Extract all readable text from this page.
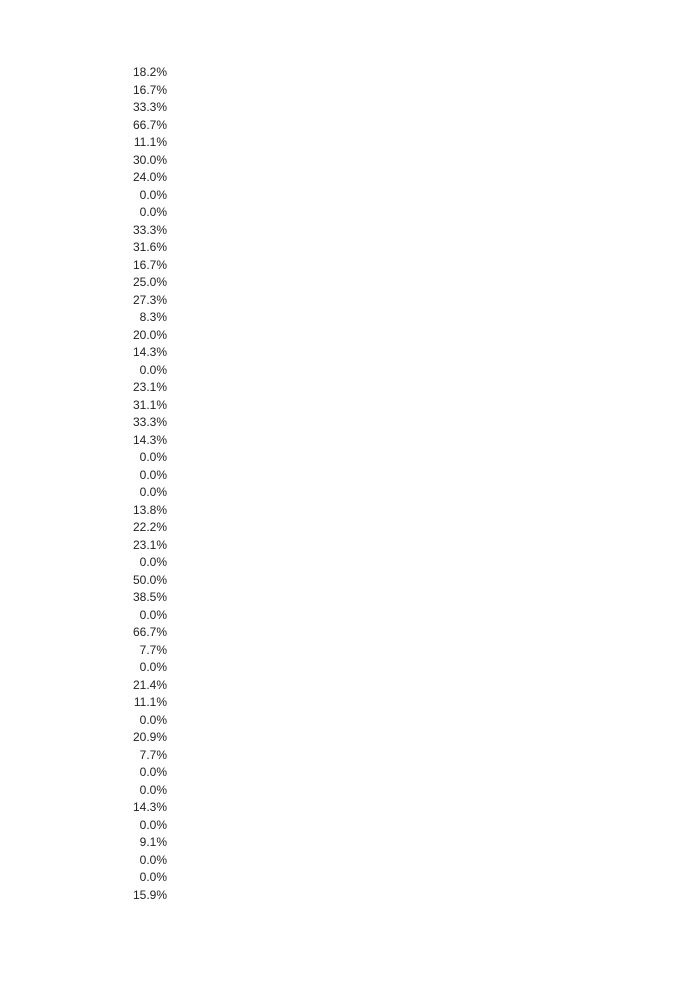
18.2%
16.7%
33.3%
66.7%
11.1%
30.0%
24.0%
0.0%
0.0%
33.3%
31.6%
16.7%
25.0%
27.3%
8.3%
20.0%
14.3%
0.0%
23.1%
31.1%
33.3%
14.3%
0.0%
0.0%
0.0%
13.8%
22.2%
23.1%
0.0%
50.0%
38.5%
0.0%
66.7%
7.7%
0.0%
21.4%
11.1%
0.0%
20.9%
7.7%
0.0%
0.0%
14.3%
0.0%
9.1%
0.0%
0.0%
15.9%
